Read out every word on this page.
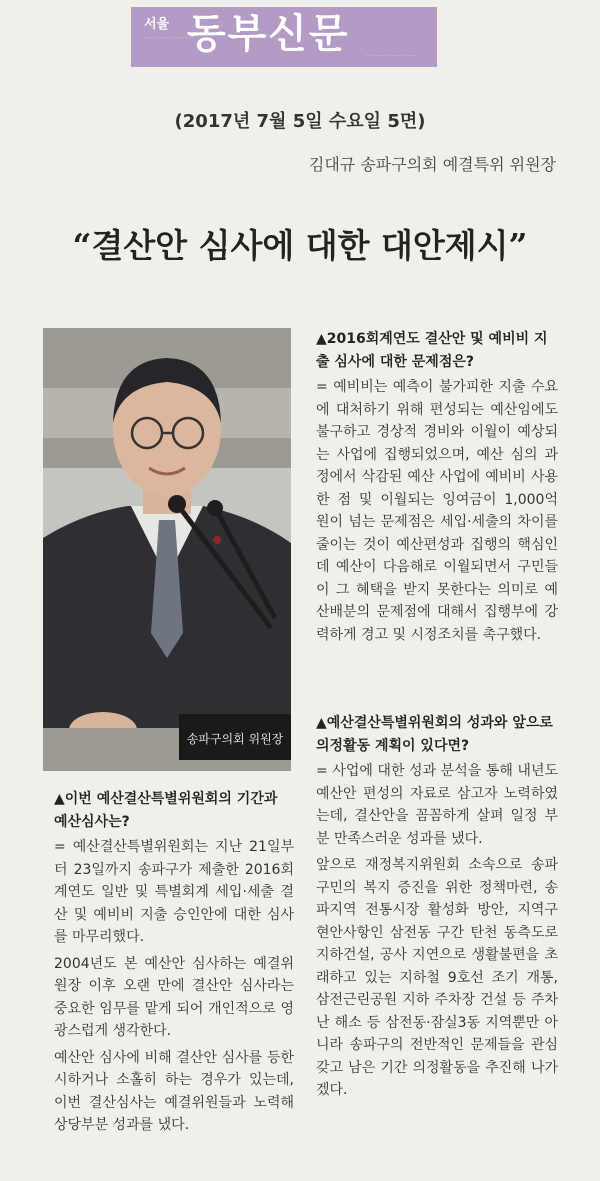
서울
· · · · · · · · · · · · · · ·
동부신문	· · · · · · · · · · · · · · · ·
(2017년 7월 5일 수요일 5면)
김대규 송파구의회 예결특위 위원장
“결산안 심사에 대한 대안제시”
송파구의회 위원장
▲이번 예산결산특별위원회의 기간과 예산심사는?

= 예산결산특별위원회는 지난 21일부터 23일까지 송파구가 제출한 2016회계연도 일반 및 특별회계 세입·세출 결산 및 예비비 지출 승인안에 대한 심사를 마무리했다.

2004년도 본 예산안 심사하는 예결위원장 이후 오랜 만에 결산안 심사라는 중요한 임무를 맡게 되어 개인적으로 영광스럽게 생각한다.

예산안 심사에 비해 결산안 심사를 등한시하거나 소홀히 하는 경우가 있는데, 이번 결산심사는 예결위원들과 노력해 상당부분 성과를 냈다.

▲2016회계연도 결산안 및 예비비 지출 심사에 대한 문제점은?

= 예비비는 예측이 불가피한 지출 수요에 대처하기 위해 편성되는 예산임에도 불구하고 경상적 경비와 이월이 예상되는 사업에 집행되었으며, 예산 심의 과정에서 삭감된 예산 사업에 예비비 사용한 점 및 이월되는 잉여금이 1,000억 원이 넘는 문제점은 세입·세출의 차이를 줄이는 것이 예산편성과 집행의 핵심인데 예산이 다음해로 이월되면서 구민들이 그 혜택을 받지 못한다는 의미로 예산배분의 문제점에 대해서 집행부에 강력하게 경고 및 시정조치를 촉구했다.

▲예산결산특별위원회의 성과와 앞으로 의정활동 계획이 있다면?

= 사업에 대한 성과 분석을 통해 내년도 예산안 편성의 자료로 삼고자 노력하였는데, 결산안을 꼼꼼하게 살펴 일정 부분 만족스러운 성과를 냈다.

앞으로 재정복지위원회 소속으로 송파구민의 복지 증진을 위한 정책마련, 송파지역 전통시장 활성화 방안, 지역구 현안사항인 삼전동 구간 탄천 동측도로 지하건설, 공사 지연으로 생활불편을 초래하고 있는 지하철 9호선 조기 개통, 삼전근린공원 지하 주차장 건설 등 주차난 해소 등 삼전동·잠실3동 지역뿐만 아니라 송파구의 전반적인 문제들을 관심 갖고 남은 기간 의정활동을 추진해 나가겠다.
